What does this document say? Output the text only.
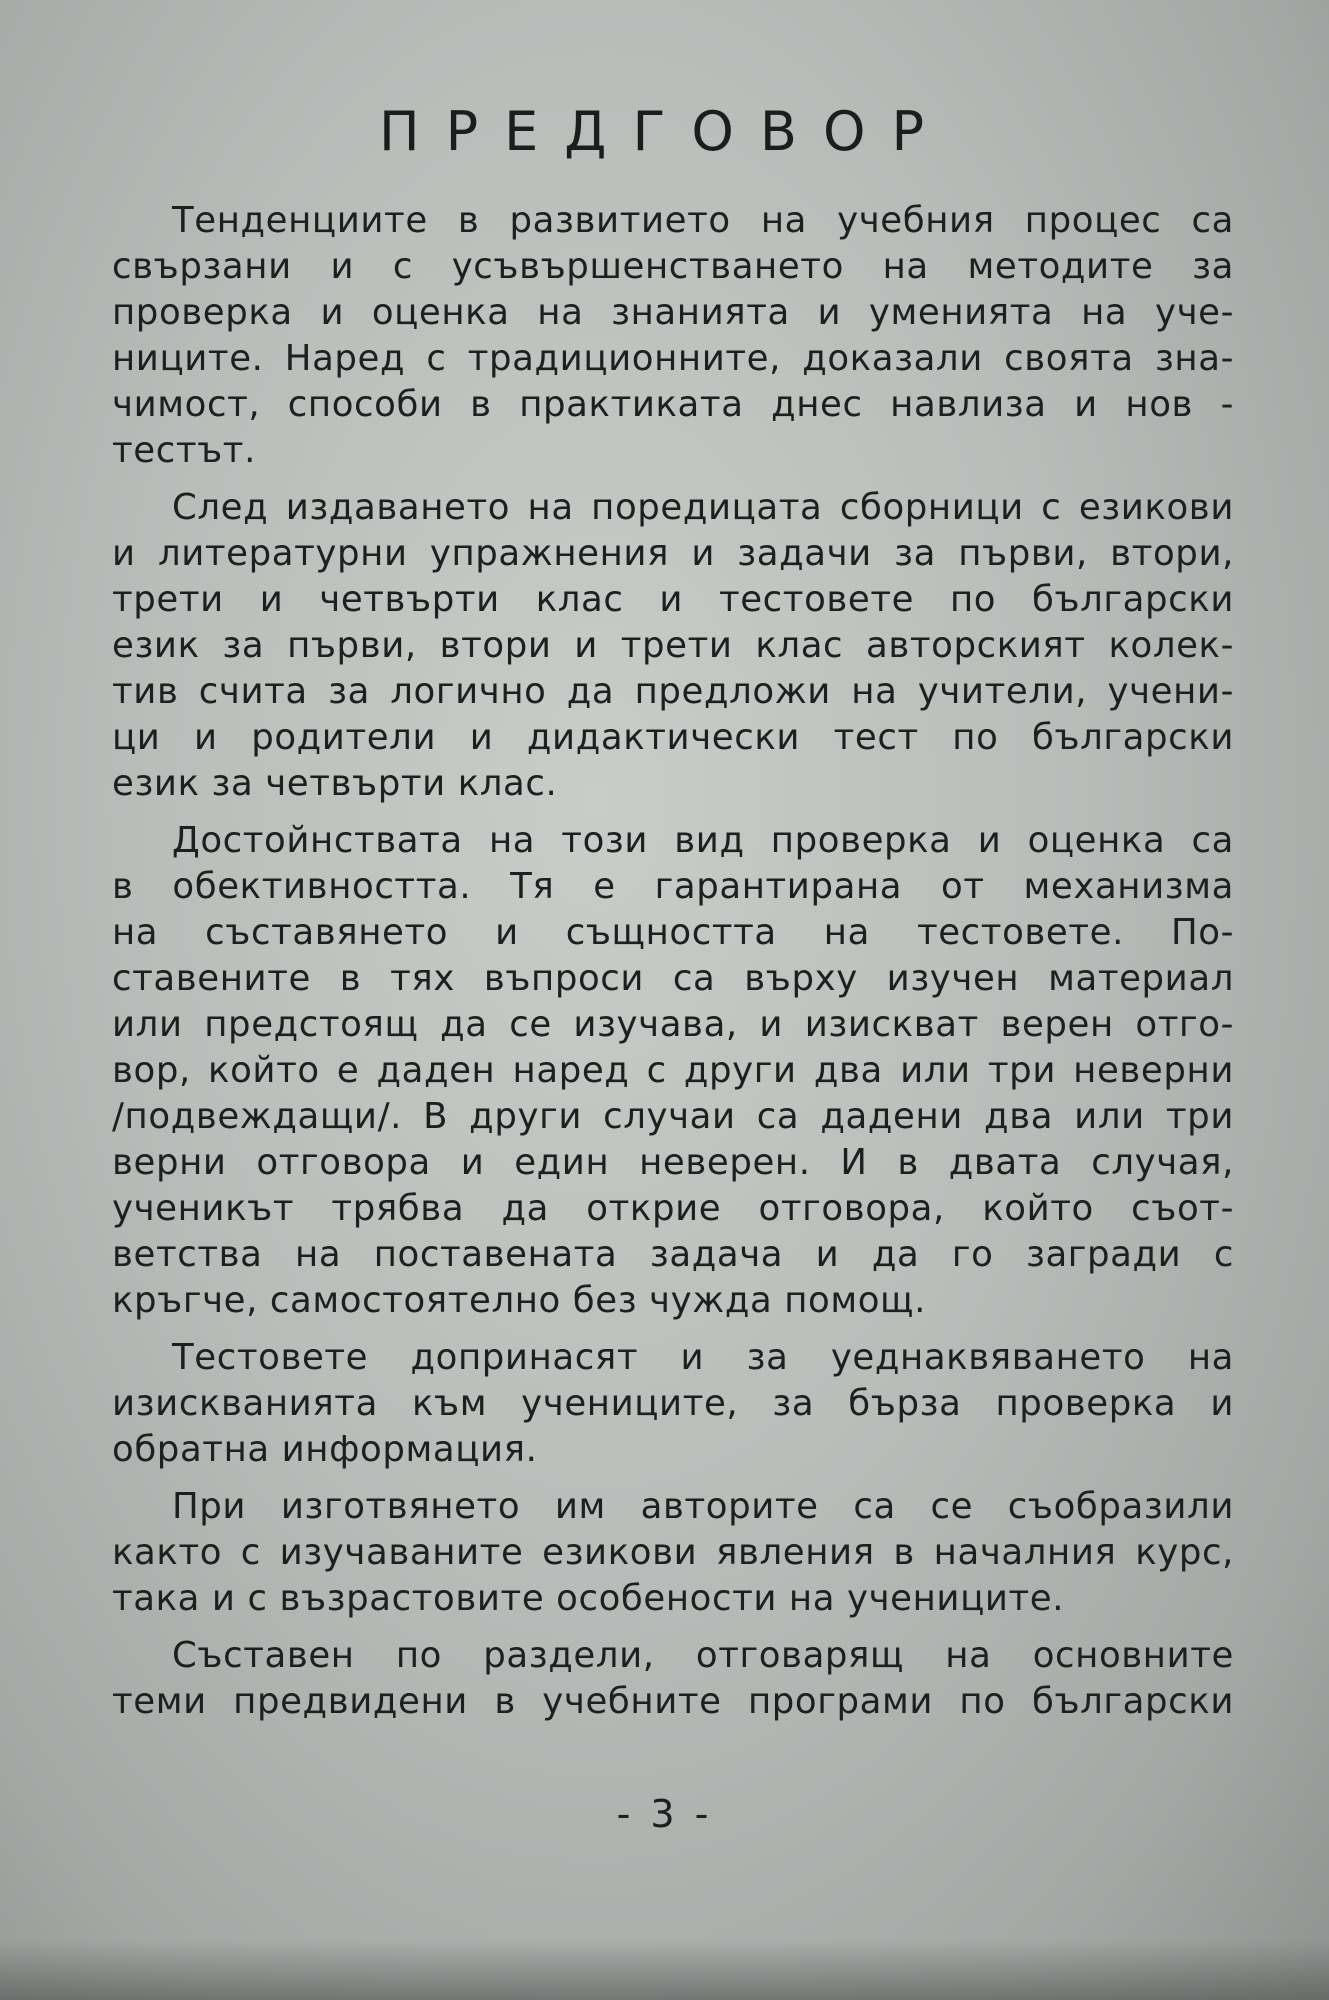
ПРЕДГОВОР
Тенденциите в развитието на учебния процес са
свързани и с усъвършенстването на методите за
проверка и оценка на знанията и уменията на уче-
ниците. Наред с традиционните, доказали своята зна-
чимост, способи в практиката днес навлиза и нов -
тестът.
След издаването на поредицата сборници с езикови
и литературни упражнения и задачи за първи, втори,
трети и четвърти клас и тестовете по български
език за първи, втори и трети клас авторският колек-
тив счита за логично да предложи на учители, учени-
ци и родители и дидактически тест по български
език за четвърти клас.
Достойнствата на този вид проверка и оценка са
в обективността. Тя е гарантирана от механизма
на съставянето и същността на тестовете. По-
ставените в тях въпроси са върху изучен материал
или предстоящ да се изучава, и изискват верен отго-
вор, който е даден наред с други два или три неверни
/подвеждащи/. В други случаи са дадени два или три
верни отговора и един неверен. И в двата случая,
ученикът трябва да открие отговора, който съот-
ветства на поставената задача и да го загради с
кръгче, самостоятелно без чужда помощ.
Тестовете допринасят и за уеднаквяването на
изискванията към учениците, за бърза проверка и
обратна информация.
При изготвянето им авторите са се съобразили
както с изучаваните езикови явления в началния курс,
така и с възрастовите особености на учениците.
Съставен по раздели, отговарящ на основните
теми предвидени в учебните програми по български
- 3 -
